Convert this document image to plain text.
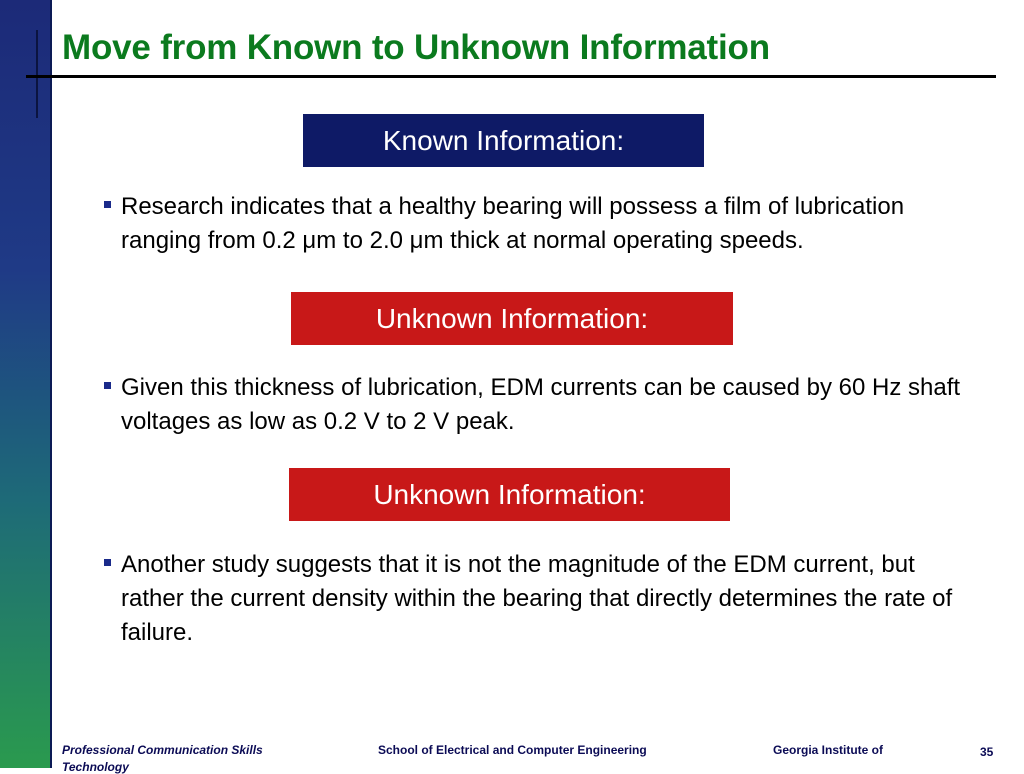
Move from Known to Unknown Information
Known Information:

Research indicates that a healthy bearing will possess a film of lubrication ranging from 0.2 μm to 2.0 μm thick at normal operating speeds.

Unknown Information:

Given this thickness of lubrication, EDM currents can be caused by 60 Hz shaft voltages as low as 0.2 V to 2 V peak.

Unknown Information:

Another study suggests that it is not the magnitude of the EDM current, but rather the current density within the bearing that directly determines the rate of failure.

Professional Communication Skills
Technology
School of Electrical and Computer Engineering	Georgia Institute of	35
